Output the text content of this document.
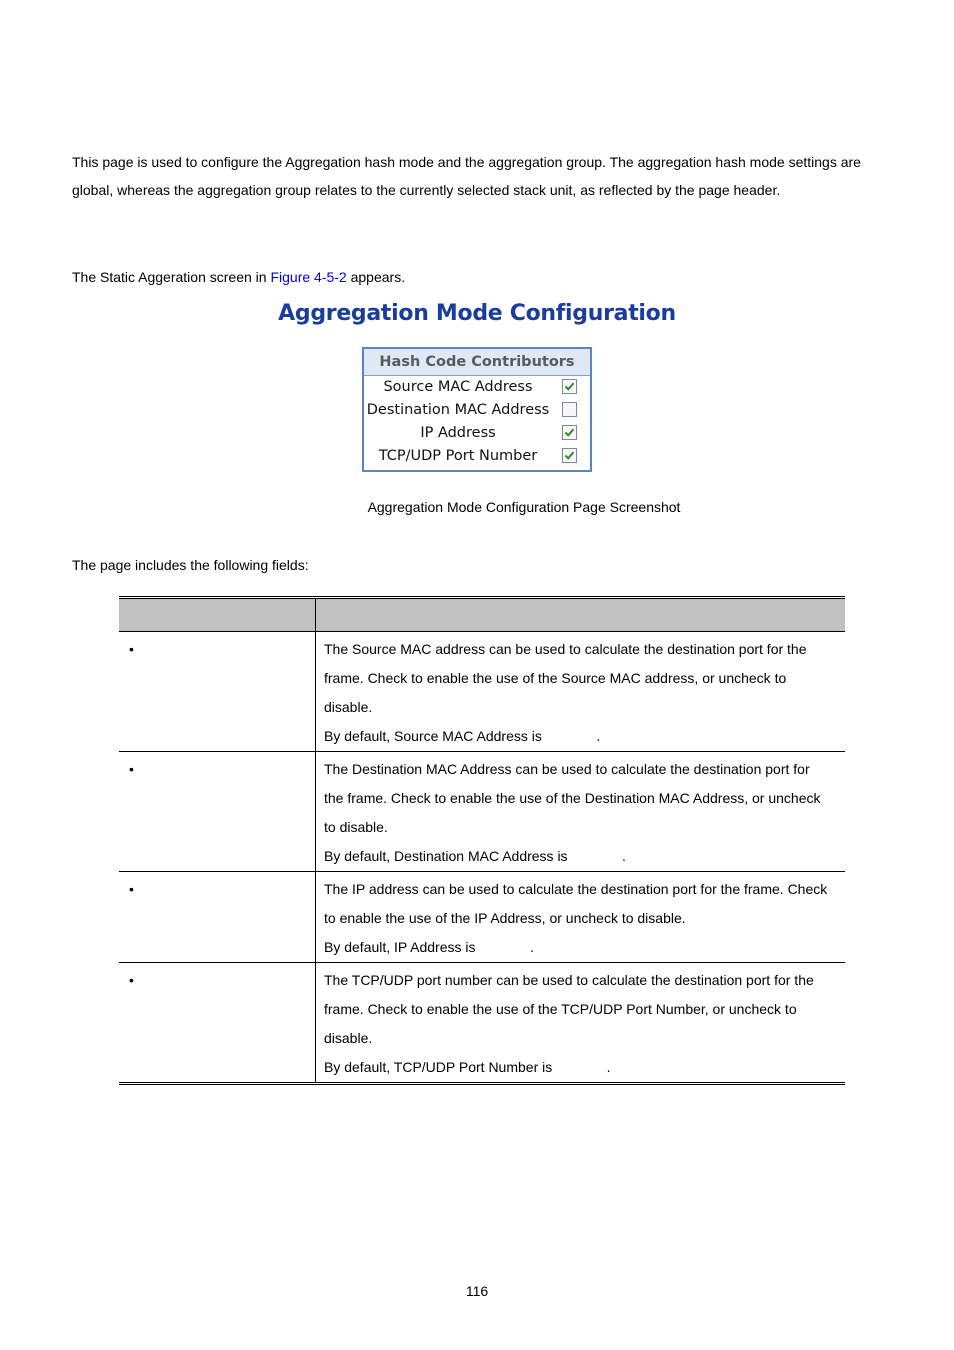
This page is used to configure the Aggregation hash mode and the aggregation group. The aggregation hash mode settings are
global, whereas the aggregation group relates to the currently selected stack unit, as reflected by the page header.

The Static Aggeration screen in Figure 4-5-2 appears.

Aggregation Mode Configuration
Hash Code Contributors
Source MAC Address
Destination MAC Address
IP Address
TCP/UDP Port Number
Aggregation Mode Configuration Page Screenshot

The page includes the following fields:

•	The Source MAC address can be used to calculate the destination port for the
frame. Check to enable the use of the Source MAC address, or uncheck to
disable.
By default, Source MAC Address is              .

•	The Destination MAC Address can be used to calculate the destination port for
the frame. Check to enable the use of the Destination MAC Address, or uncheck
to disable.
By default, Destination MAC Address is              .

•	The IP address can be used to calculate the destination port for the frame. Check
to enable the use of the IP Address, or uncheck to disable.
By default, IP Address is              .

•	The TCP/UDP port number can be used to calculate the destination port for the
frame. Check to enable the use of the TCP/UDP Port Number, or uncheck to
disable.
By default, TCP/UDP Port Number is              .
116
